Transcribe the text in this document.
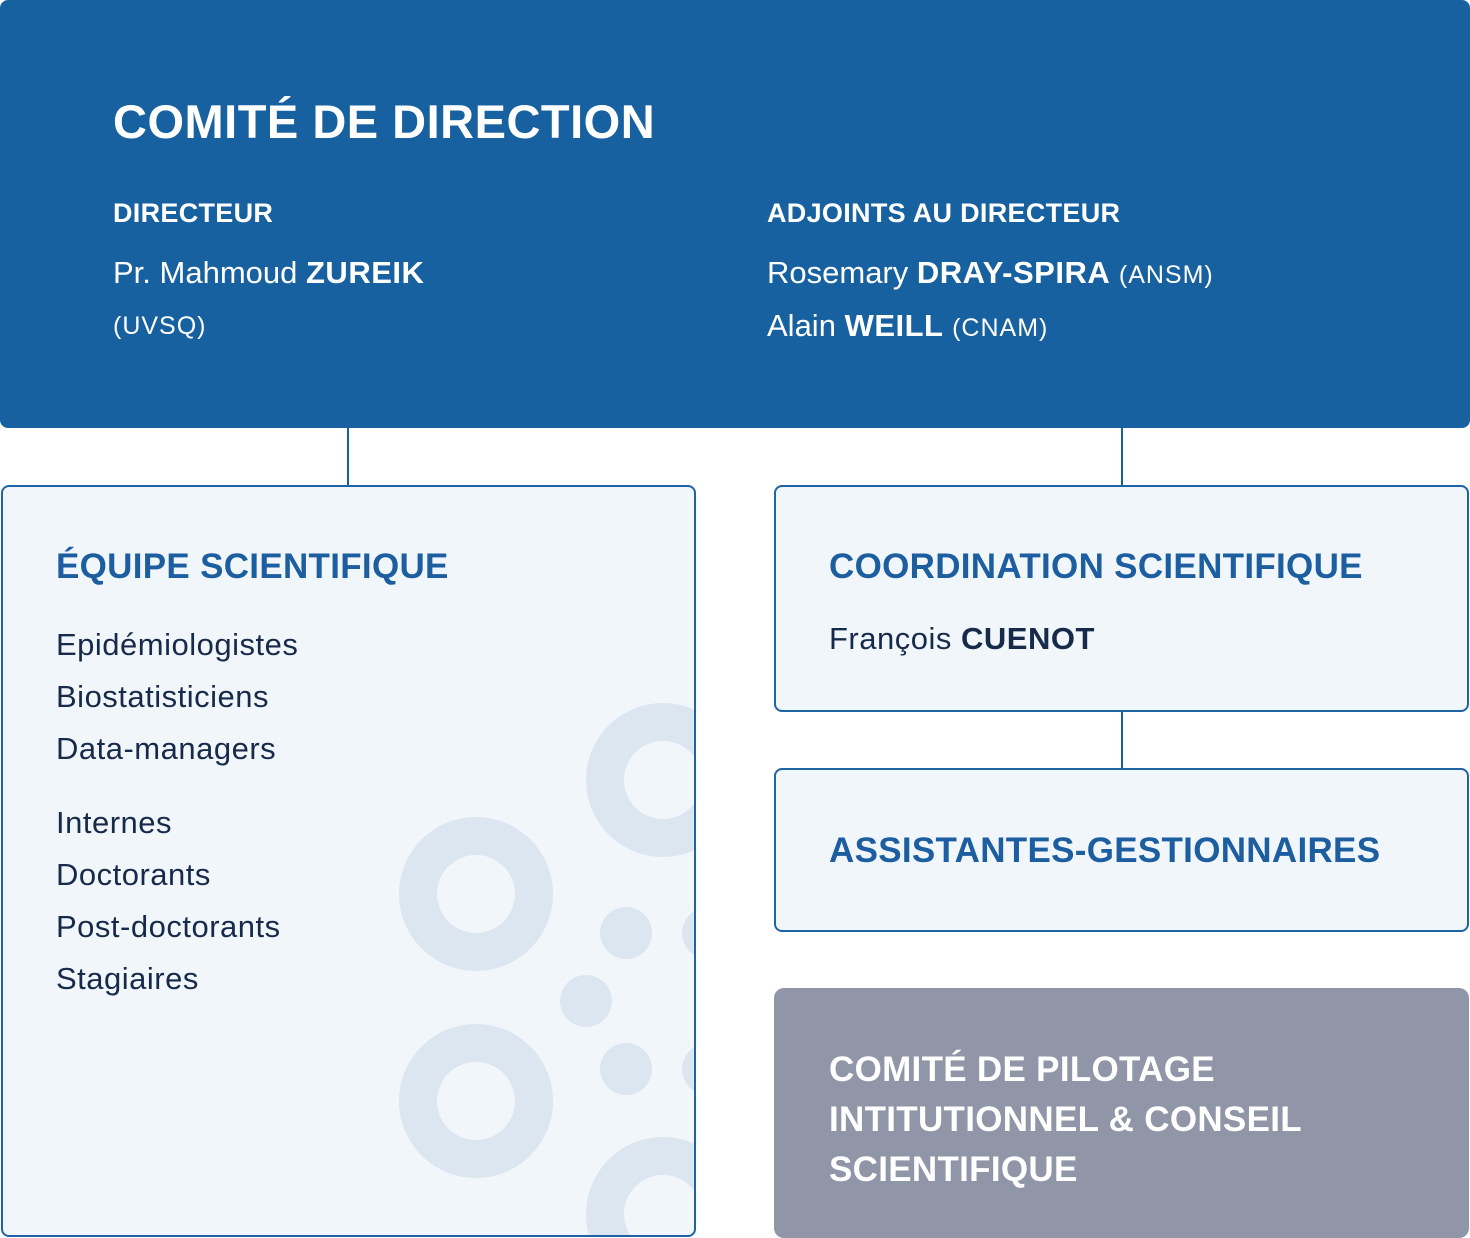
COMITÉ DE DIRECTION
DIRECTEUR
Pr. Mahmoud ZUREIK
(UVSQ)
ADJOINTS AU DIRECTEUR
Rosemary DRAY-SPIRA (ANSM)
Alain WEILL (CNAM)
ÉQUIPE SCIENTIFIQUE
Epidémiologistes
Biostatisticiens
Data-managers
Internes
Doctorants
Post-doctorants
Stagiaires
COORDINATION SCIENTIFIQUE
François CUENOT
ASSISTANTES-GESTIONNAIRES
COMITÉ DE PILOTAGE
INTITUTIONNEL & CONSEIL
SCIENTIFIQUE
